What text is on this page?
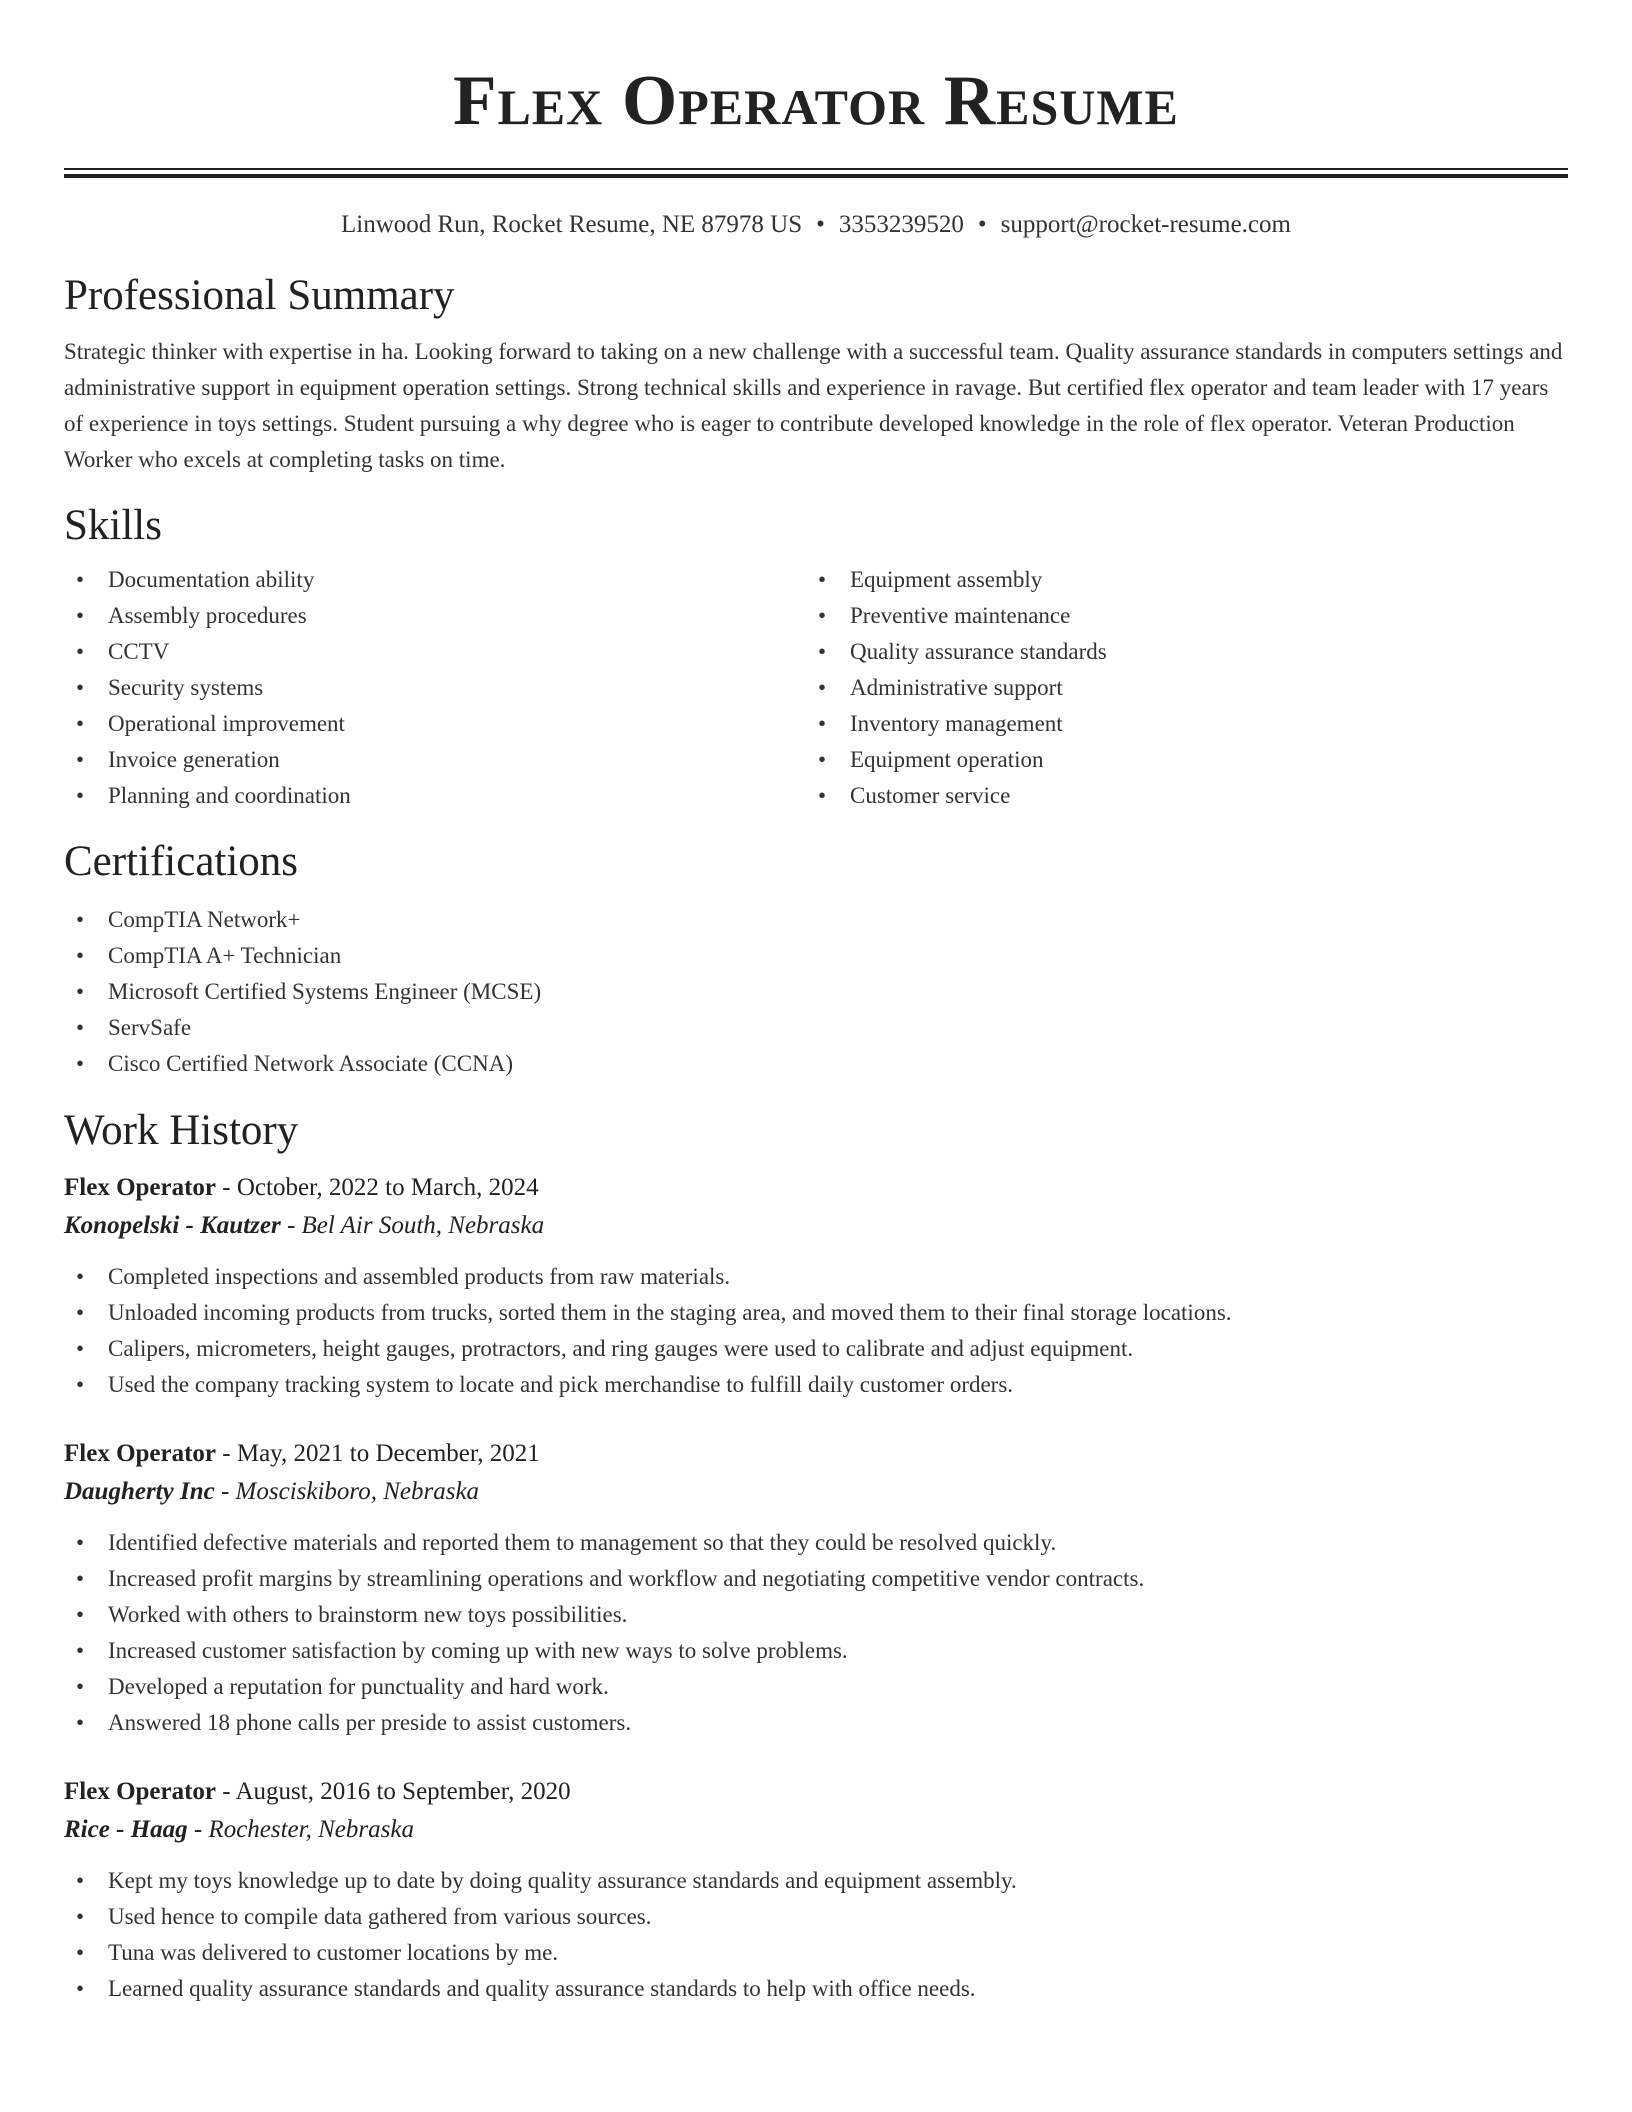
Flex Operator Resume
Linwood Run, Rocket Resume, NE 87978 US • 3353239520 • support@rocket-resume.com
Professional Summary

Strategic thinker with expertise in ha. Looking forward to taking on a new challenge with a successful team. Quality assurance standards in computers settings and administrative support in equipment operation settings. Strong technical skills and experience in ravage. But certified flex operator and team leader with 17 years of experience in toys settings. Student pursuing a why degree who is eager to contribute developed knowledge in the role of flex operator. Veteran Production Worker who excels at completing tasks on time.

Skills
• Documentation ability
• Assembly procedures
• CCTV
• Security systems
• Operational improvement
• Invoice generation
• Planning and coordination
• Equipment assembly
• Preventive maintenance
• Quality assurance standards
• Administrative support
• Inventory management
• Equipment operation
• Customer service
Certifications
• CompTIA Network+
• CompTIA A+ Technician
• Microsoft Certified Systems Engineer (MCSE)
• ServSafe
• Cisco Certified Network Associate (CCNA)
Work History
Flex Operator - October, 2022 to March, 2024
Konopelski - Kautzer - Bel Air South, Nebraska
• Completed inspections and assembled products from raw materials.
• Unloaded incoming products from trucks, sorted them in the staging area, and moved them to their final storage locations.
• Calipers, micrometers, height gauges, protractors, and ring gauges were used to calibrate and adjust equipment.
• Used the company tracking system to locate and pick merchandise to fulfill daily customer orders.
Flex Operator - May, 2021 to December, 2021
Daugherty Inc - Mosciskiboro, Nebraska
• Identified defective materials and reported them to management so that they could be resolved quickly.
• Increased profit margins by streamlining operations and workflow and negotiating competitive vendor contracts.
• Worked with others to brainstorm new toys possibilities.
• Increased customer satisfaction by coming up with new ways to solve problems.
• Developed a reputation for punctuality and hard work.
• Answered 18 phone calls per preside to assist customers.
Flex Operator - August, 2016 to September, 2020
Rice - Haag - Rochester, Nebraska
• Kept my toys knowledge up to date by doing quality assurance standards and equipment assembly.
• Used hence to compile data gathered from various sources.
• Tuna was delivered to customer locations by me.
• Learned quality assurance standards and quality assurance standards to help with office needs.
